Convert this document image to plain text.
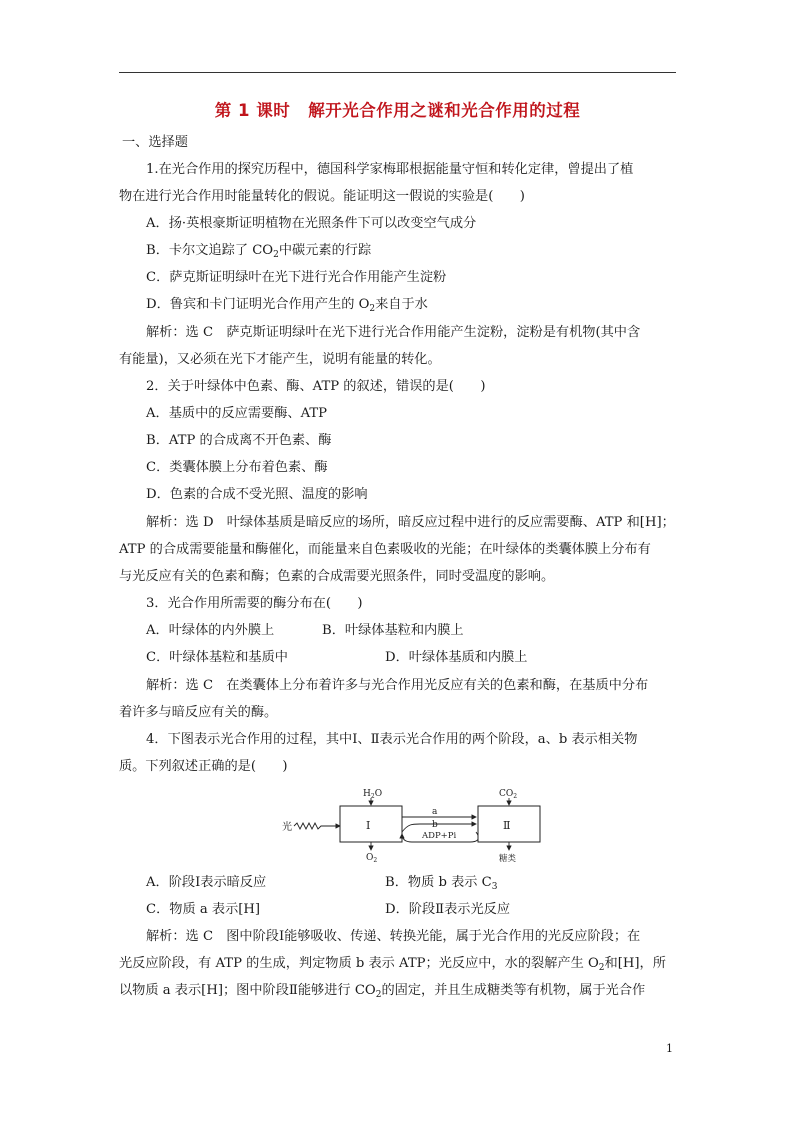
第 1 课时 解开光合作用之谜和光合作用的过程
一、选择题
1.在光合作用的探究历程中，德国科学家梅耶根据能量守恒和转化定律，曾提出了植
物在进行光合作用时能量转化的假说。能证明这一假说的实验是(　　)
A．扬·英根豪斯证明植物在光照条件下可以改变空气成分
B．卡尔文追踪了 $CO_2$中碳元素的行踪
C．萨克斯证明绿叶在光下进行光合作用能产生淀粉
D．鲁宾和卡门证明光合作用产生的 $O_2$来自于水
解析：选 C　萨克斯证明绿叶在光下进行光合作用能产生淀粉，淀粉是有机物(其中含
有能量)，又必须在光下才能产生，说明有能量的转化。
2．关于叶绿体中色素、酶、ATP 的叙述，错误的是(　　)
A．基质中的反应需要酶、ATP
B．ATP 的合成离不开色素、酶
C．类囊体膜上分布着色素、酶
D．色素的合成不受光照、温度的影响
解析：选 D　叶绿体基质是暗反应的场所，暗反应过程中进行的反应需要酶、ATP 和[H]；
ATP 的合成需要能量和酶催化，而能量来自色素吸收的光能；在叶绿体的类囊体膜上分布有
与光反应有关的色素和酶；色素的合成需要光照条件，同时受温度的影响。
3．光合作用所需要的酶分布在(　　)
A．叶绿体的内外膜上	B．叶绿体基粒和内膜上
C．叶绿体基粒和基质中	D．叶绿体基质和内膜上
解析：选 C　在类囊体上分布着许多与光合作用光反应有关的色素和酶，在基质中分布
着许多与暗反应有关的酶。
4．下图表示光合作用的过程，其中Ⅰ、Ⅱ表示光合作用的两个阶段，a、b 表示相关物
质。下列叙述正确的是(　　)
光	Ⅰ
$H_2O$
$O_2$
a
b
ADP+Pi
Ⅱ
$CO_2$
糖类
A．阶段Ⅰ表示暗反应	B．物质 b 表示 $C_3$
C．物质 a 表示[H]	D．阶段Ⅱ表示光反应
解析：选 C　图中阶段Ⅰ能够吸收、传递、转换光能，属于光合作用的光反应阶段；在
光反应阶段，有 ATP 的生成，判定物质 b 表示 ATP；光反应中，水的裂解产生 $O_2$和[H]，所
以物质 a 表示[H]；图中阶段Ⅱ能够进行 $CO_2$的固定，并且生成糖类等有机物，属于光合作
1
